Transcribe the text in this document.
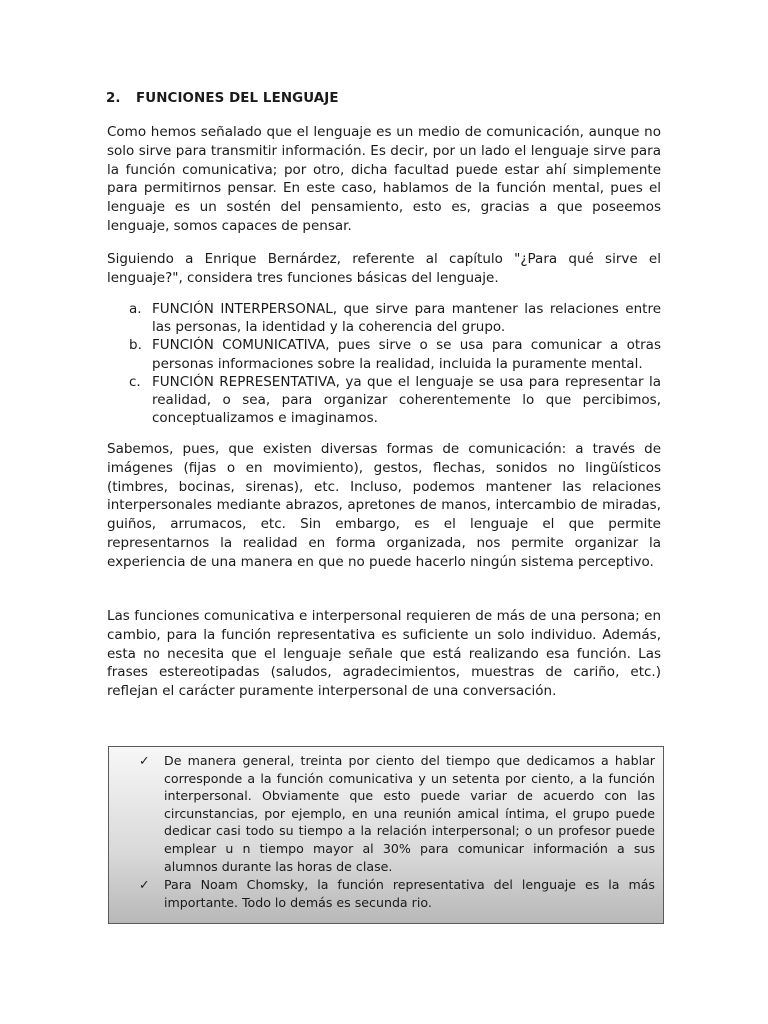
2. FUNCIONES DEL LENGUAJE

Como hemos señalado que el lenguaje es un medio de comunicación, aunque no solo sirve para transmitir información. Es decir, por un lado el lenguaje sirve para la función comunicativa; por otro, dicha facultad puede estar ahí simplemente para permitirnos pensar. En este caso, hablamos de la función mental, pues el lenguaje es un sostén del pensamiento, esto es, gracias a que poseemos lenguaje, somos capaces de pensar.

Siguiendo a Enrique Bernárdez, referente al capítulo "¿Para qué sirve el lenguaje?", considera tres funciones básicas del lenguaje.

a. FUNCIÓN INTERPERSONAL, que sirve para mantener las relaciones entre las personas, la identidad y la coherencia del grupo.
b. FUNCIÓN COMUNICATIVA, pues sirve o se usa para comunicar a otras personas informaciones sobre la realidad, incluida la puramente mental.
c. FUNCIÓN REPRESENTATIVA, ya que el lenguaje se usa para representar la realidad, o sea, para organizar coherentemente lo que percibimos, conceptualizamos e imaginamos.

Sabemos, pues, que existen diversas formas de comunicación: a través de imágenes (fijas o en movimiento), gestos, flechas, sonidos no lingüísticos (timbres, bocinas, sirenas), etc. Incluso, podemos mantener las relaciones interpersonales mediante abrazos, apretones de manos, intercambio de miradas, guiños, arrumacos, etc. Sin embargo, es el lenguaje el que permite representarnos la realidad en forma organizada, nos permite organizar la experiencia de una manera en que no puede hacerlo ningún sistema perceptivo.

Las funciones comunicativa e interpersonal requieren de más de una persona; en cambio, para la función representativa es suficiente un solo individuo. Además, esta no necesita que el lenguaje señale que está realizando esa función. Las frases estereotipadas (saludos, agradecimientos, muestras de cariño, etc.) reflejan el carácter puramente interpersonal de una conversación.

✓ De manera general, treinta por ciento del tiempo que dedicamos a hablar corresponde a la función comunicativa y un setenta por ciento, a la función interpersonal. Obviamente que esto puede variar de acuerdo con las circunstancias, por ejemplo, en una reunión amical íntima, el grupo puede dedicar casi todo su tiempo a la relación interpersonal; o un profesor puede emplear u n tiempo mayor al 30% para comunicar información a sus alumnos durante las horas de clase.
✓ Para Noam Chomsky, la función representativa del lenguaje es la más importante. Todo lo demás es secunda rio.
